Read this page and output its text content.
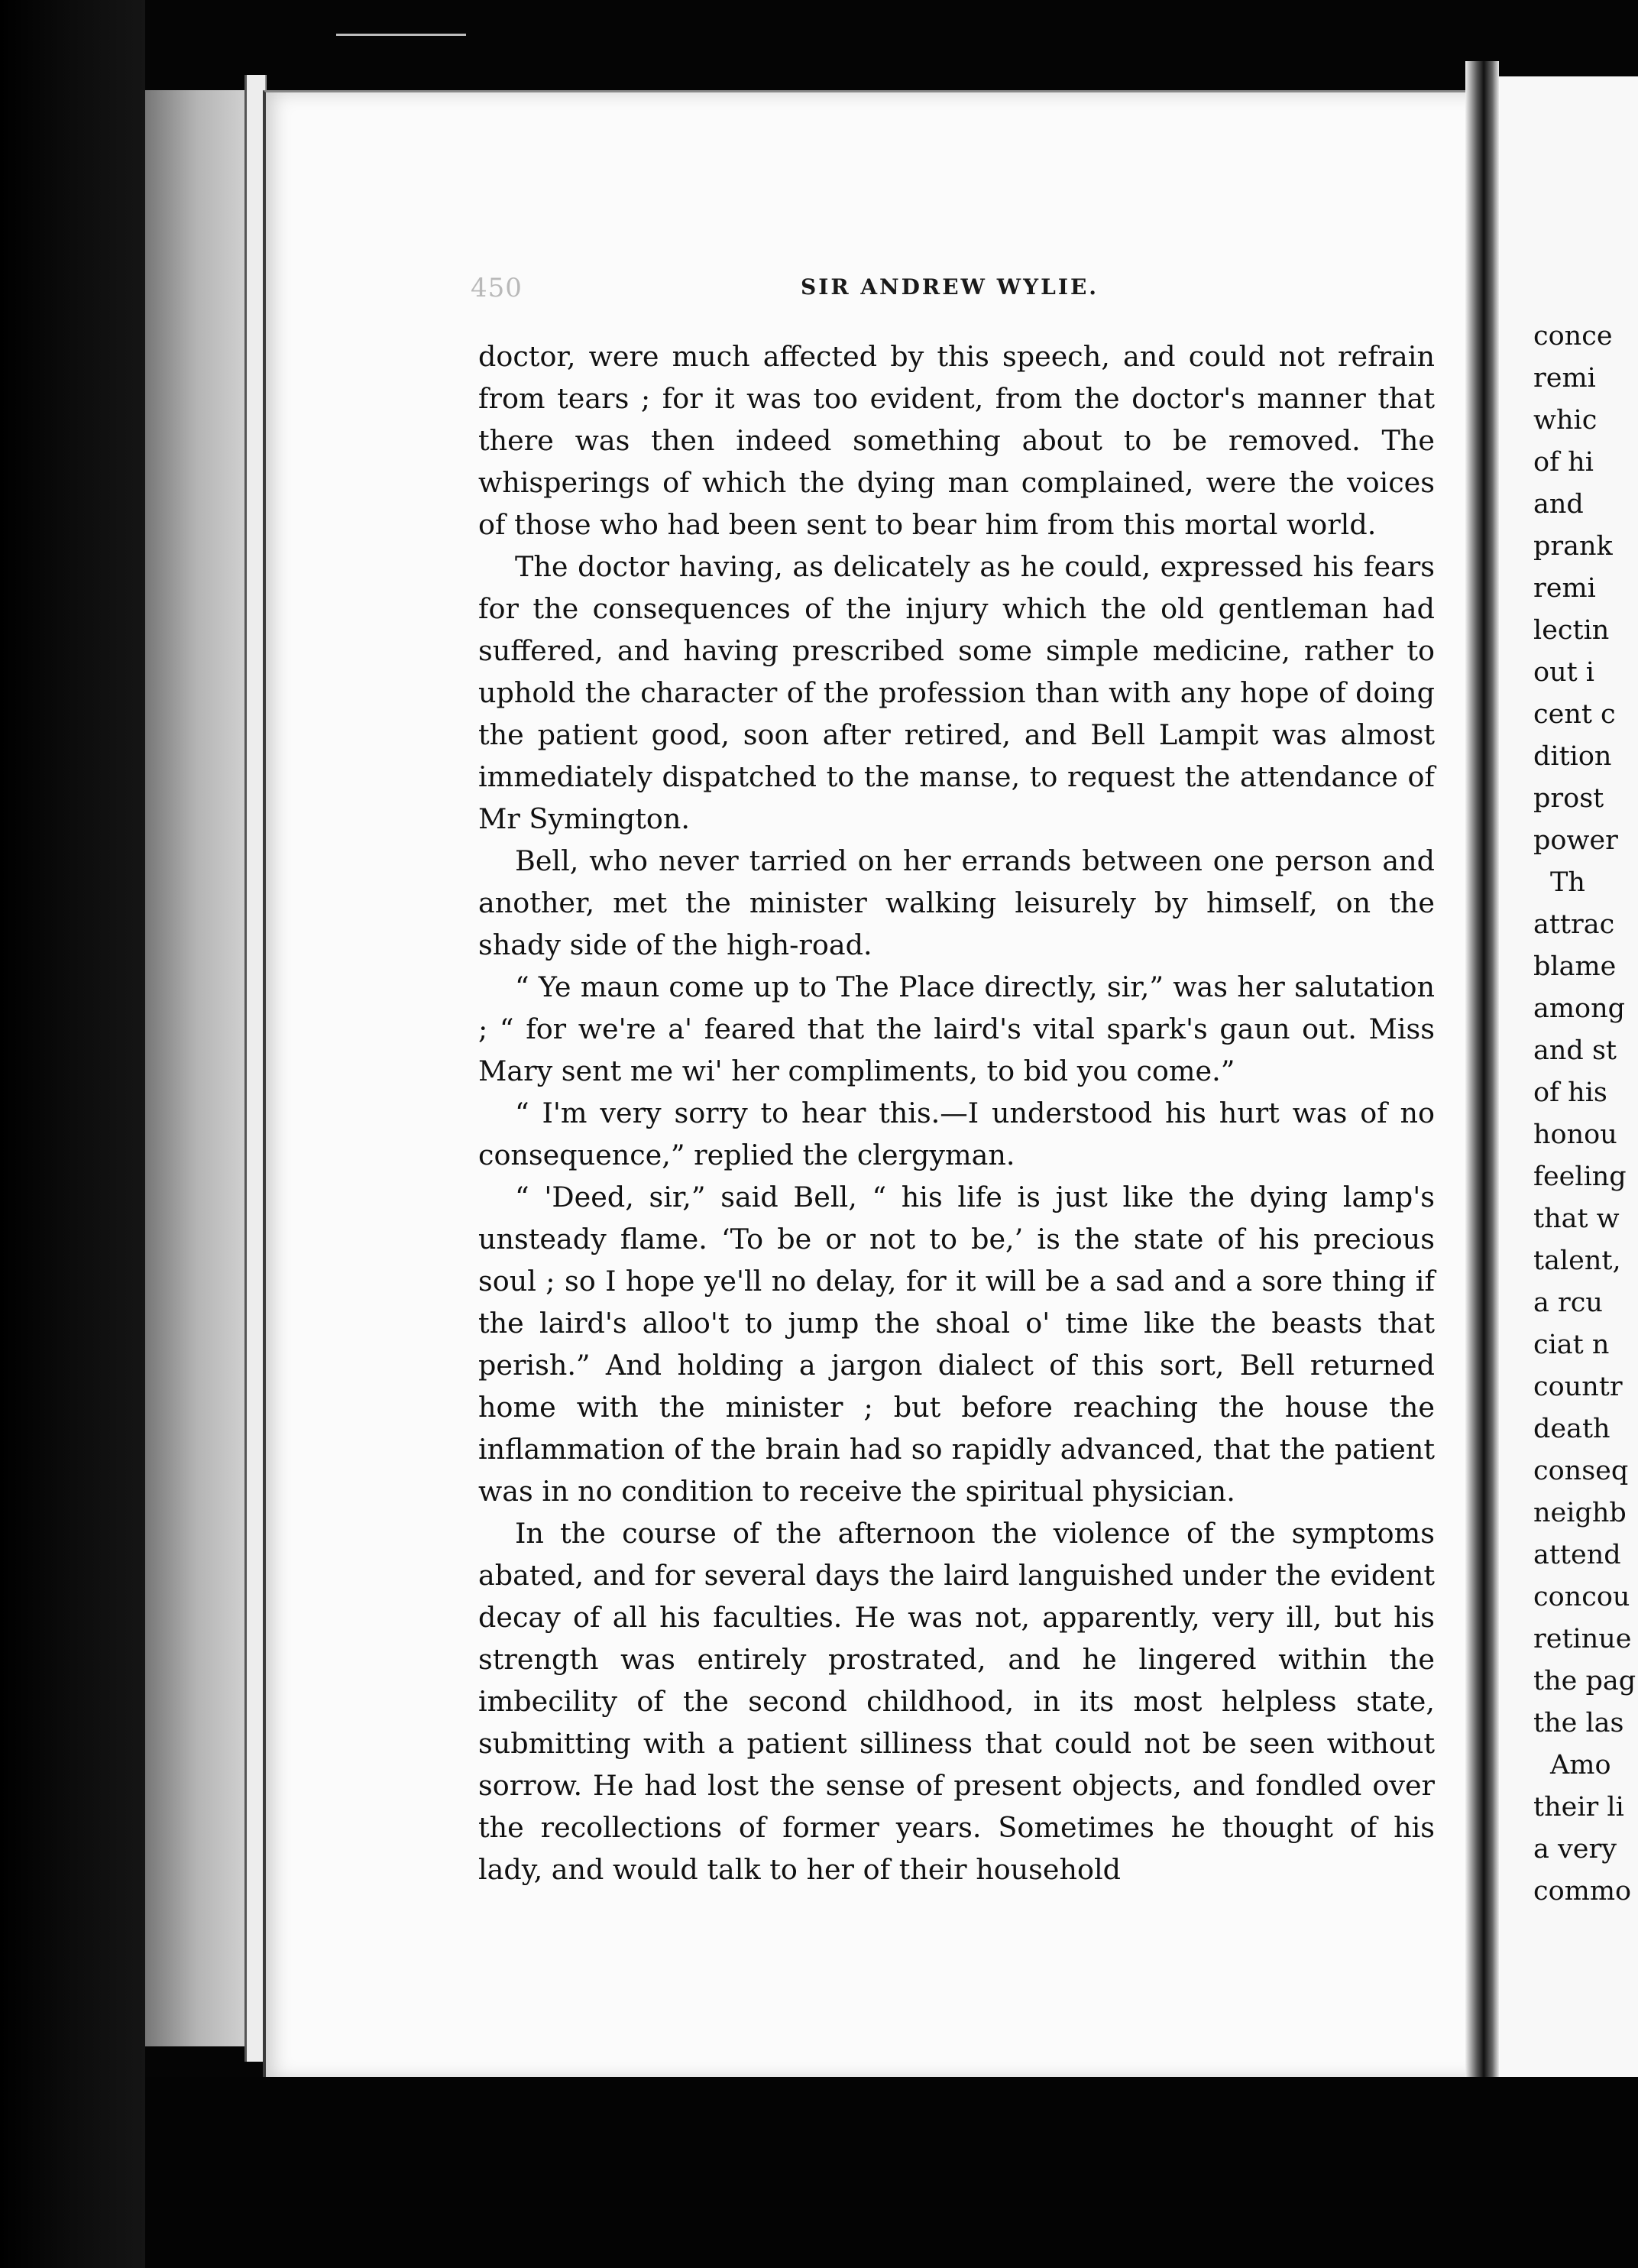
450	SIR ANDREW WYLIE.

doctor, were much affected by this speech, and could not refrain from tears ; for it was too evident, from the doctor's manner that there was then indeed something about to be removed. The whisperings of which the dying man complained, were the voices of those who had been sent to bear him from this mortal world.

The doctor having, as delicately as he could, expressed his fears for the consequences of the injury which the old gentleman had suffered, and having prescribed some simple medicine, rather to uphold the character of the profession than with any hope of doing the patient good, soon after retired, and Bell Lampit was almost immediately dispatched to the manse, to request the attendance of Mr Symington.

Bell, who never tarried on her errands between one person and another, met the minister walking leisurely by himself, on the shady side of the high-road.

“ Ye maun come up to The Place directly, sir,” was her salutation ; “ for we're a' feared that the laird's vital spark's gaun out. Miss Mary sent me wi' her compliments, to bid you come.”

“ I'm very sorry to hear this.—I understood his hurt was of no consequence,” replied the clergyman.

“ 'Deed, sir,” said Bell, “ his life is just like the dying lamp's unsteady flame. ‘To be or not to be,’ is the state of his precious soul ; so I hope ye'll no delay, for it will be a sad and a sore thing if the laird's alloo't to jump the shoal o' time like the beasts that perish.” And holding a jargon dialect of this sort, Bell returned home with the minister ; but before reaching the house the inflammation of the brain had so rapidly advanced, that the patient was in no condition to receive the spiritual physician.

In the course of the afternoon the violence of the symptoms abated, and for several days the laird languished under the evident decay of all his faculties. He was not, apparently, very ill, but his strength was entirely prostrated, and he lingered within the imbecility of the second childhood, in its most helpless state, submitting with a patient silliness that could not be seen without sorrow. He had lost the sense of present objects, and fondled over the recollections of former years. Sometimes he thought of his lady, and would talk to her of their household

conce
remi
whic
of hi
and
prank
remi
lectin
out i
cent c
dition
prost
power
Th
attrac
blame
among
and st
of his
honou
feeling
that w
talent,
a rcu
ciat n
countr
death
conseq
neighb
attend
concou
retinue
the pag
the las
Amo
their li
a very
commo
